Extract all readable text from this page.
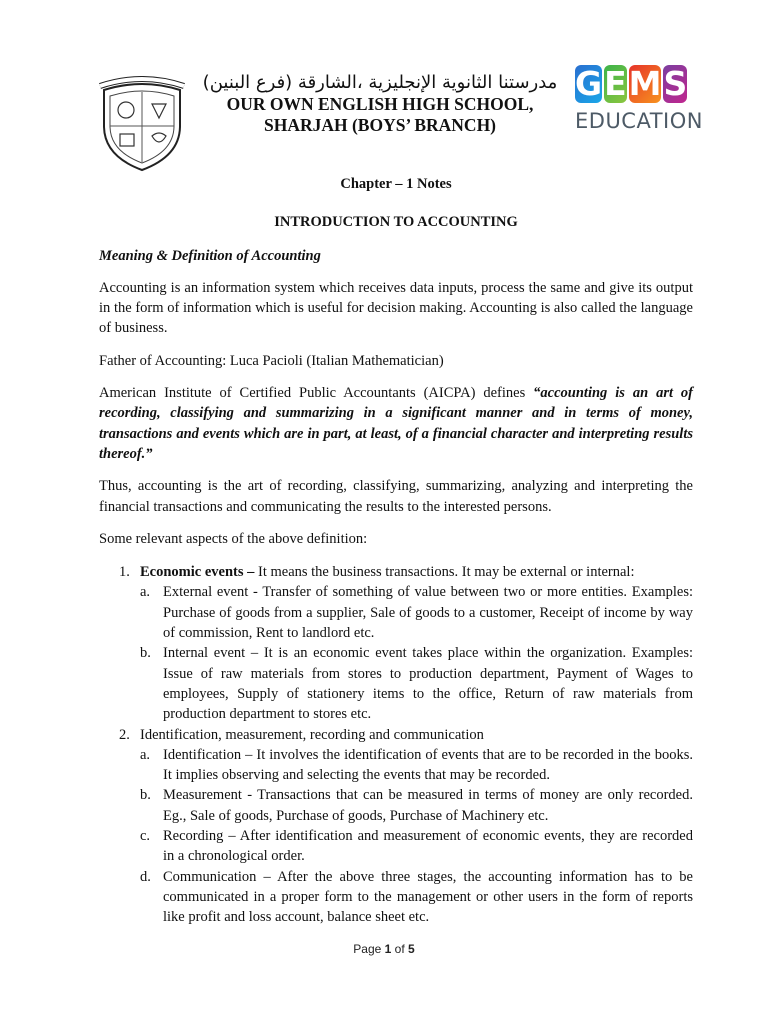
مدرستنا الثانوية الإنجليزية ،الشارقة (فرع البنين)
OUR OWN ENGLISH HIGH SCHOOL,
SHARJAH (BOYS’ BRANCH)
G E M S
EDUCATION
Chapter – 1 Notes
INTRODUCTION TO ACCOUNTING
Meaning & Definition of Accounting

Accounting is an information system which receives data inputs, process the same and give its output in the form of information which is useful for decision making. Accounting is also called the language of business.

Father of Accounting: Luca Pacioli (Italian Mathematician)

American Institute of Certified Public Accountants (AICPA) defines “accounting is an art of recording, classifying and summarizing in a significant manner and in terms of money, transactions and events which are in part, at least, of a financial character and interpreting results thereof.”

Thus, accounting is the art of recording, classifying, summarizing, analyzing and interpreting the financial transactions and communicating the results to the interested persons.

Some relevant aspects of the above definition:

1. Economic events – It means the business transactions. It may be external or internal:
a. External event - Transfer of something of value between two or more entities. Examples: Purchase of goods from a supplier, Sale of goods to a customer, Receipt of income by way of commission, Rent to landlord etc.
b. Internal event – It is an economic event takes place within the organization. Examples: Issue of raw materials from stores to production department, Payment of Wages to employees, Supply of stationery items to the office, Return of raw materials from production department to stores etc.
2. Identification, measurement, recording and communication
a. Identification – It involves the identification of events that are to be recorded in the books. It implies observing and selecting the events that may be recorded.
b. Measurement - Transactions that can be measured in terms of money are only recorded. Eg., Sale of goods, Purchase of goods, Purchase of Machinery etc.
c. Recording – After identification and measurement of economic events, they are recorded in a chronological order.
d. Communication – After the above three stages, the accounting information has to be communicated in a proper form to the management or other users in the form of reports like profit and loss account, balance sheet etc.
Page 1 of 5
